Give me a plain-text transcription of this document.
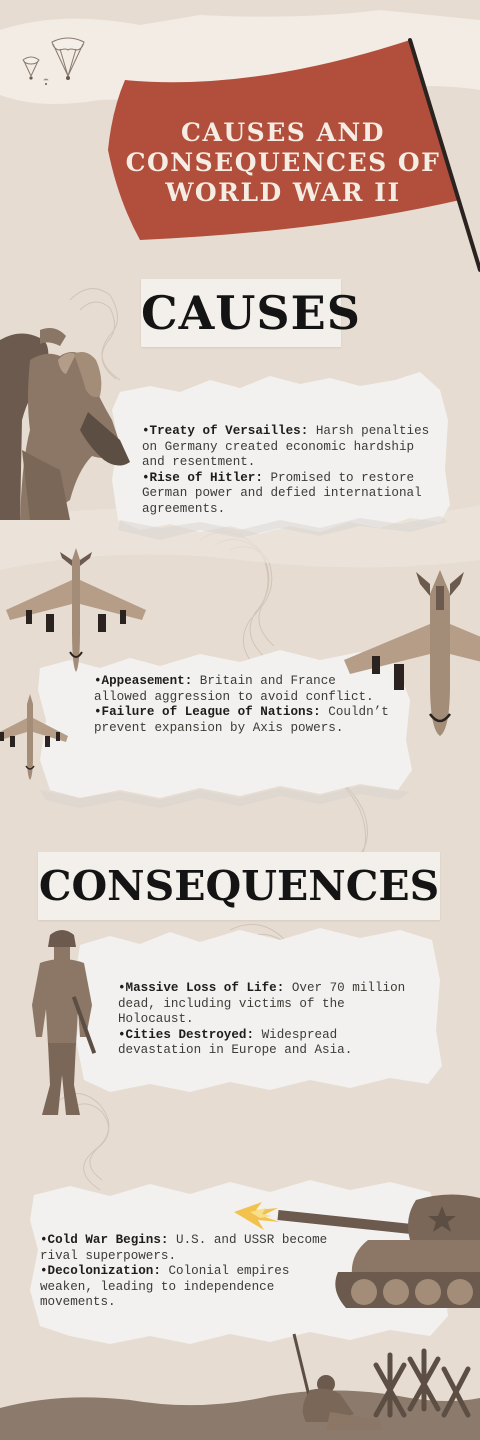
CAUSES AND
CONSEQUENCES OF
WORLD WAR II
CAUSES

•Treaty of Versailles: Harsh penalties on Germany created economic hardship and resentment.

•Rise of Hitler: Promised to restore German power and defied international agreements.

•Appeasement: Britain and France allowed aggression to avoid conflict.

•Failure of League of Nations: Couldn’t prevent expansion by Axis powers.

CONSEQUENCES

•Massive Loss of Life: Over 70 million dead, including victims of the Holocaust.

•Cities Destroyed: Widespread devastation in Europe and Asia.

•Cold War Begins: U.S. and USSR become rival superpowers.

•Decolonization: Colonial empires weaken, leading to independence movements.
